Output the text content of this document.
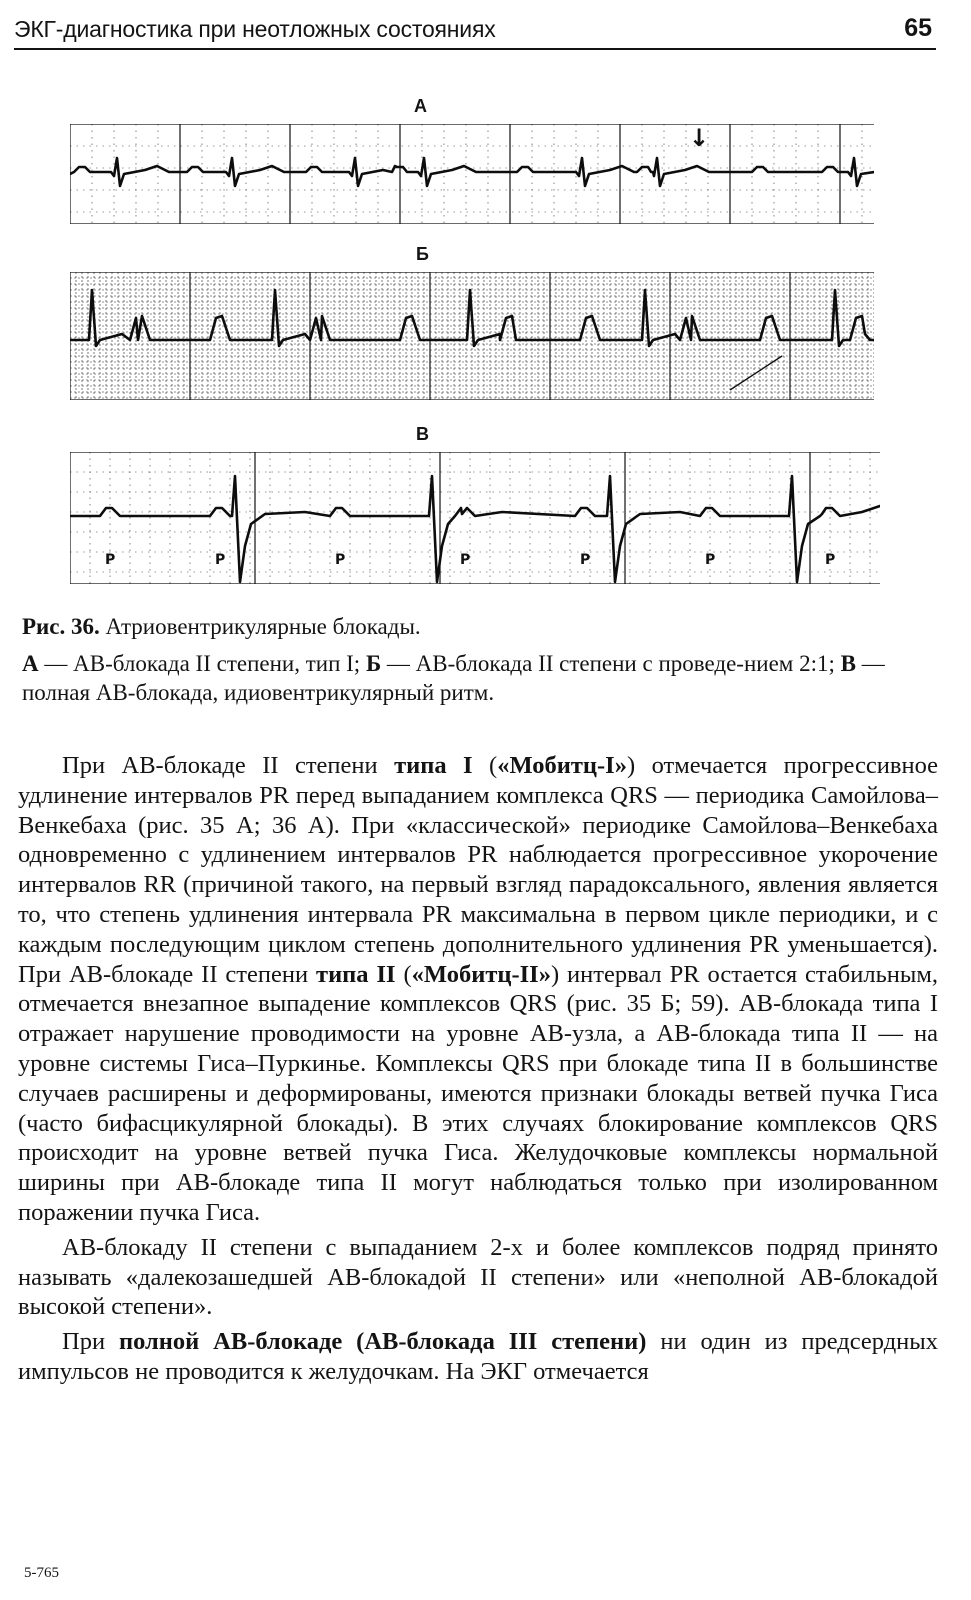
ЭКГ-диагностика при неотложных состояниях	65
А
↓
Б
В
P	P	P	P	P	P	P
Рис. 36. Атриовентрикулярные блокады.
А — АВ-блокада II степени, тип I; Б — АВ-блокада II степени с проведе-нием 2:1; В — полная АВ-блокада, идиовентрикулярный ритм.

При АВ-блокаде II степени типа I («Мобитц-I») отмечается прогрессивное удлинение интервалов PR перед выпаданием комплекса QRS — периодика Самойлова–Венкебаха (рис. 35 А; 36 А). При «классической» периодике Самойлова–Венкебаха одновременно с удлинением интервалов PR наблюдается прогрессивное укорочение интервалов RR (причиной такого, на первый взгляд парадоксального, явления является то, что степень удлинения интервала PR максимальна в первом цикле периодики, и с каждым последующим циклом степень дополнительного удлинения PR уменьшается). При АВ-блокаде II степени типа II («Мобитц-II») интервал PR остается стабильным, отмечается внезапное выпадение комплексов QRS (рис. 35 Б; 59). АВ-блокада типа I отражает нарушение проводимости на уровне АВ-узла, а АВ-блокада типа II — на уровне системы Гиса–Пуркинье. Комплексы QRS при блокаде типа II в большинстве случаев расширены и деформированы, имеются признаки блокады ветвей пучка Гиса (часто бифасцикулярной блокады). В этих случаях блокирование комплексов QRS происходит на уровне ветвей пучка Гиса. Желудочковые комплексы нормальной ширины при АВ-блокаде типа II могут наблюдаться только при изолированном поражении пучка Гиса.

АВ-блокаду II степени с выпаданием 2-х и более комплексов подряд принято называть «далекозашедшей АВ-блокадой II степени» или «неполной АВ-блокадой высокой степени».

При полной АВ-блокаде (АВ-блокада III степени) ни один из предсердных импульсов не проводится к желудочкам. На ЭКГ отмечается

5-765
